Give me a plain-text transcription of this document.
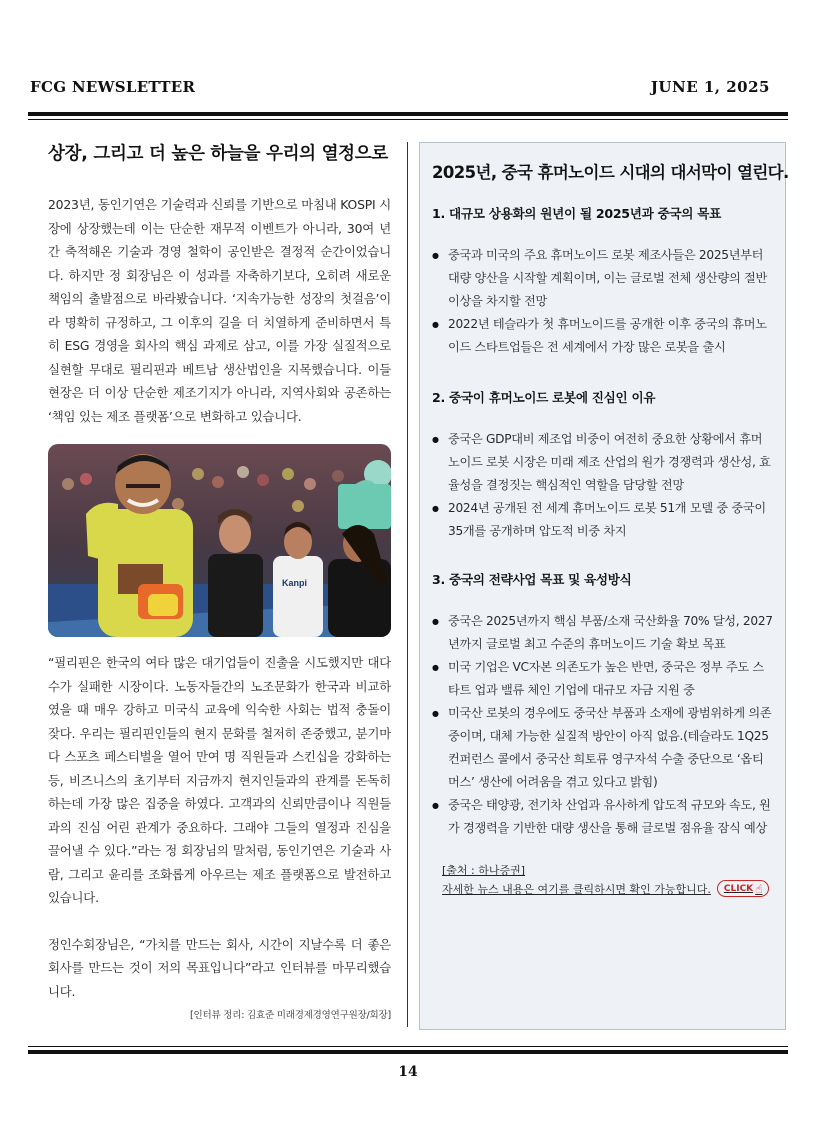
FCG NEWSLETTER	JUNE 1, 2025
상장, 그리고 더 높은 하늘을 우리의 열정으로

2023년, 동인기연은 기술력과 신뢰를 기반으로 마침내 KOSPI 시장에 상장했는데 이는 단순한 재무적 이벤트가 아니라, 30여 년간 축적해온 기술과 경영 철학이 공인받은 결정적 순간이었습니다. 하지만 정 회장님은 이 성과를 자축하기보다, 오히려 새로운 책임의 출발점으로 바라봤습니다. ‘지속가능한 성장의 첫걸음’이라 명확히 규정하고, 그 이후의 길을 더 치열하게 준비하면서 특히 ESG 경영을 회사의 핵심 과제로 삼고, 이를 가장 실질적으로 실현할 무대로 필리핀과 베트남 생산법인을 지목했습니다. 이들 현장은 더 이상 단순한 제조기지가 아니라, 지역사회와 공존하는 ‘책임 있는 제조 플랫폼’으로 변화하고 있습니다.

Kanpi

“필리핀은 한국의 여타 많은 대기업들이 진출을 시도했지만 대다수가 실패한 시장이다. 노동자들간의 노조문화가 한국과 비교하였을 때 매우 강하고 미국식 교육에 익숙한 사회는 법적 충돌이 잦다. 우리는 필리핀인들의 현지 문화를 철저히 존중했고, 분기마다 스포츠 페스티벌을 열어 만여 명 직원들과 스킨십을 강화하는 등, 비즈니스의 초기부터 지금까지 현지인들과의 관계를 돈독히 하는데 가장 많은 집중을 하였다. 고객과의 신뢰만큼이나 직원들과의 진심 어린 관계가 중요하다. 그래야 그들의 열정과 진심을 끌어낼 수 있다.”라는 정 회장님의 말처럼, 동인기연은 기술과 사람, 그리고 윤리를 조화롭게 아우르는 제조 플랫폼으로 발전하고 있습니다.

정인수회장님은, “가치를 만드는 회사, 시간이 지날수록 더 좋은 회사를 만드는 것이 저의 목표입니다”라고 인터뷰를 마무리했습니다.

[인터뷰 정리: 김효준 미래경제경영연구원장/회장]
2025년, 중국 휴머노이드 시대의 대서막이 열린다.
1. 대규모 상용화의 원년이 될 2025년과 중국의 목표
● 중국과 미국의 주요 휴머노이드 로봇 제조사들은 2025년부터 대량 양산을 시작할 계획이며, 이는 글로벌 전체 생산량의 절반 이상을 차지할 전망
● 2022년 테슬라가 첫 휴머노이드를 공개한 이후 중국의 휴머노이드 스타트업들은 전 세계에서 가장 많은 로봇을 출시
2. 중국이 휴머노이드 로봇에 진심인 이유
● 중국은 GDP대비 제조업 비중이 여전히 중요한 상황에서 휴머노이드 로봇 시장은 미래 제조 산업의 원가 경쟁력과 생산성, 효율성을 결정짓는 핵심적인 역할을 담당할 전망
● 2024년 공개된 전 세계 휴머노이드 로봇 51개 모델 중 중국이 35개를 공개하며 압도적 비중 차지
3. 중국의 전략사업 목표 및 육성방식
● 중국은 2025년까지 핵심 부품/소재 국산화율 70% 달성, 2027년까지 글로벌 최고 수준의 휴머노이드 기술 확보 목표
● 미국 기업은 VC자본 의존도가 높은 반면, 중국은 정부 주도 스타트 업과 밸류 체인 기업에 대규모 자금 지원 중
● 미국산 로봇의 경우에도 중국산 부품과 소재에 광범위하게 의존 중이며, 대체 가능한 실질적 방안이 아직 없음.(테슬라도 1Q25컨퍼런스 콜에서 중국산 희토류 영구자석 수출 중단으로 ‘옵티머스’ 생산에 어려움을 겪고 있다고 밝힘)
● 중국은 태양광, 전기차 산업과 유사하게 압도적 규모와 속도, 원가 경쟁력을 기반한 대량 생산을 통해 글로벌 점유율 잠식 예상
[출처 : 하나증권]
자세한 뉴스 내용은 여기를 클릭하시면 확인 가능합니다. CLICK ☝
14
